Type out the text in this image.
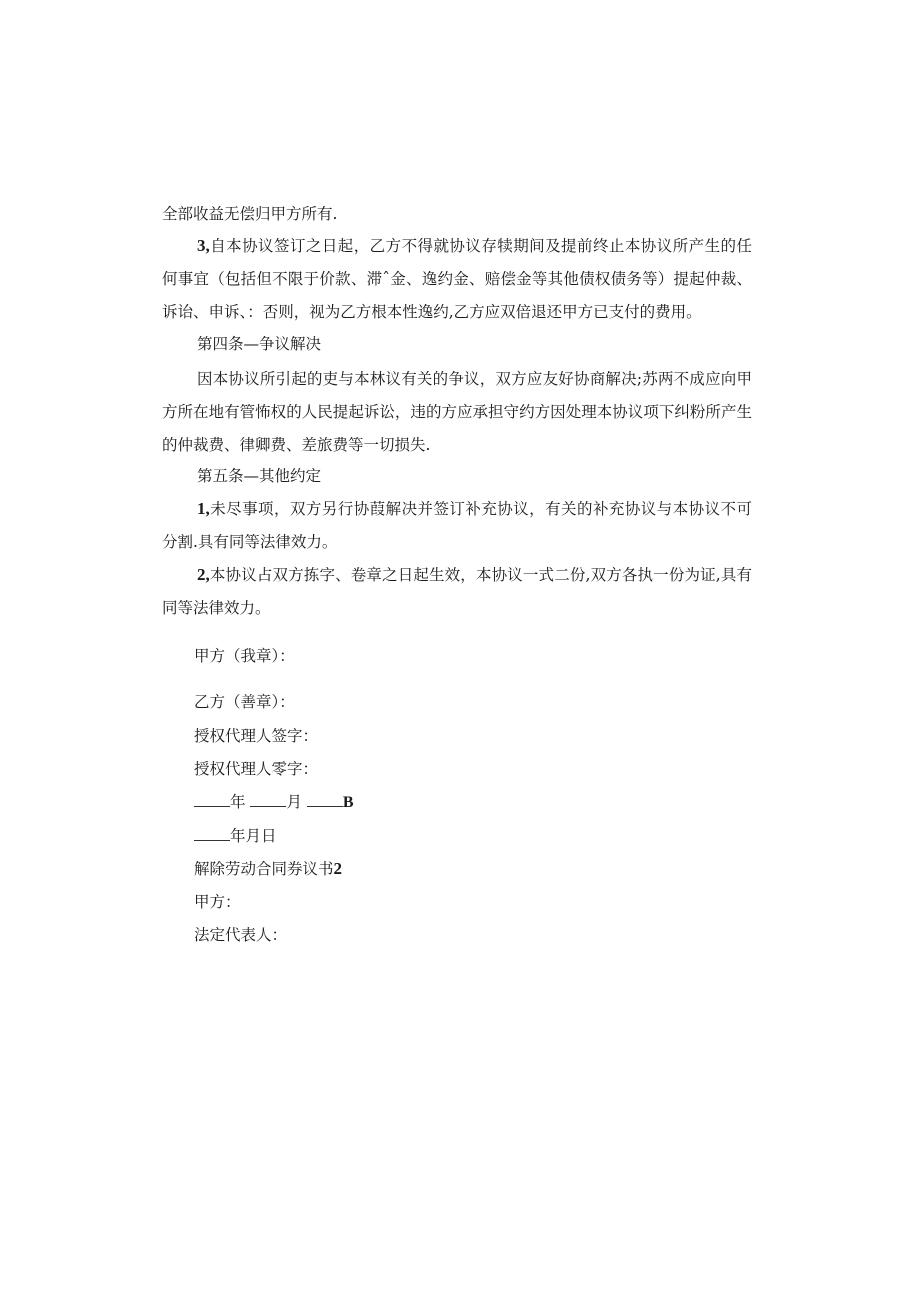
全部收益无偿归甲方所有.
3,自本协议签订之日起，乙方不得就协议存犊期间及提前终止本协议所产生的任何事宜（包括但不限于价款、滞ˆ金、逸约金、赔偿金等其他债权债务等）提起仲裁、诉诒、申诉、：否则，视为乙方根本性逸约,乙方应双倍退还甲方已支付的费用。
第四条—争议解决
因本协议所引起的吏与本林议有关的争议，双方应友好协商解决;苏两不成应向甲方所在地有管怖权的人民提起诉讼，违的方应承担守约方因处理本协议项下纠粉所产生的仲裁费、律卿费、差旅费等一切损失.
第五条—其他约定
1,未尽事项，双方另行协葭解决并签订补充协议，有关的补充协议与本协议不可分割.具有同等法律效力。
2,本协议占双方拣字、卷章之日起生效，本协议一式二份,双方各执一份为证,具有同等法律效力。
甲方（我章）：
乙方（善章）：
授权代理人签字：
授权代理人零字：
年	月	B
年月日
解除劳动合同券议书2
甲方：
法定代表人：
